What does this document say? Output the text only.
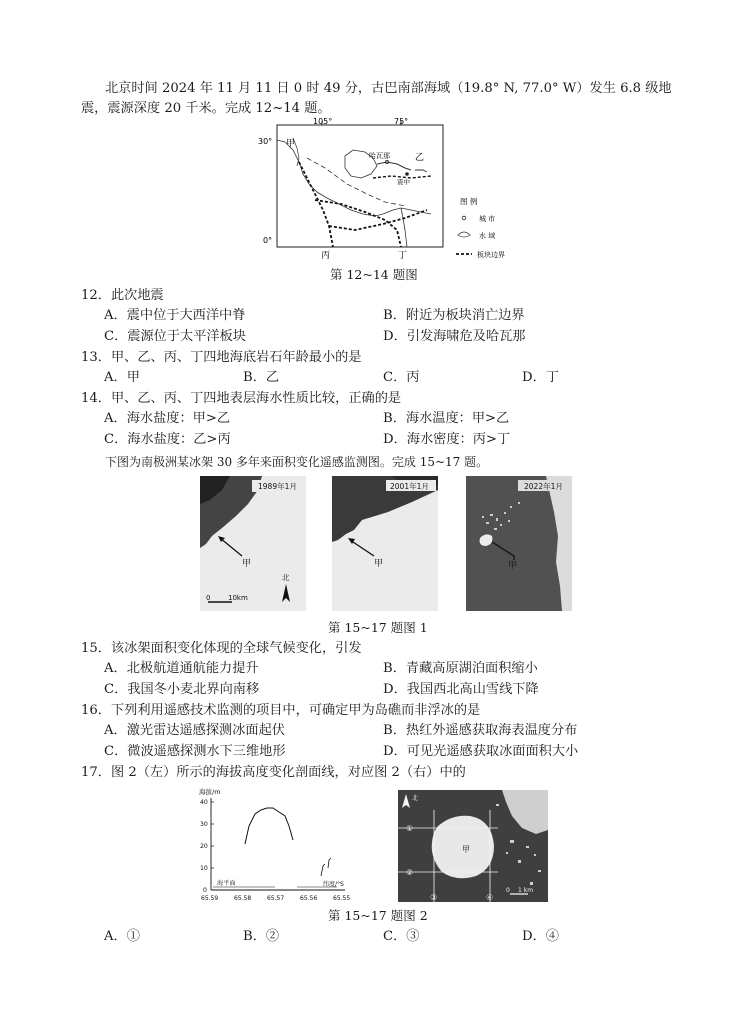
北京时间 2024 年 11 月 11 日 0 时 49 分，古巴南部海域（19.8° N, 77.0° W）发生 6.8 级地
震，震源深度 20 千米。完成 12~14 题。
105°	75°
30°
0°
甲
乙
丙	丁
哈瓦那
震中
图 例
城 市
水 域
板块边界
第 12~14 题图
12．此次地震
A．震中位于大西洋中脊	B．附近为板块消亡边界
C．震源位于太平洋板块	D．引发海啸危及哈瓦那
13．甲、乙、丙、丁四地海底岩石年龄最小的是
A．甲	B．乙	C．丙	D．丁
14．甲、乙、丙、丁四地表层海水性质比较，正确的是
A．海水盐度：甲>乙	B．海水温度：甲>乙
C．海水盐度：乙>丙	D．海水密度：丙>丁
下图为南极洲某冰架 30 多年来面积变化遥感监测图。完成 15~17 题。
1989年1月
甲
0	10km
北
2001年1月
甲
2022年1月
甲
第 15~17 题图 1
15．该冰架面积变化体现的全球气候变化，引发
A．北极航道通航能力提升	B．青藏高原湖泊面积缩小
C．我国冬小麦北界向南移	D．我国西北高山雪线下降
16．下列利用遥感技术监测的项目中，可确定甲为岛礁而非浮冰的是
A．激光雷达遥感探测冰面起伏	B．热红外遥感获取海表温度分布
C．微波遥感探测水下三维地形	D．可见光遥感获取冰面面积大小
17．图 2（左）所示的海拔高度变化剖面线，对应图 2（右）中的
海拔/m
0
10
20
30
40
海平面	纬度/°S
65.59	65.58	65.57	65.56	65.55
甲
①
②
③	④
北
0 1 km
第 15~17 题图 2
A．①	B．②	C．③	D．④
